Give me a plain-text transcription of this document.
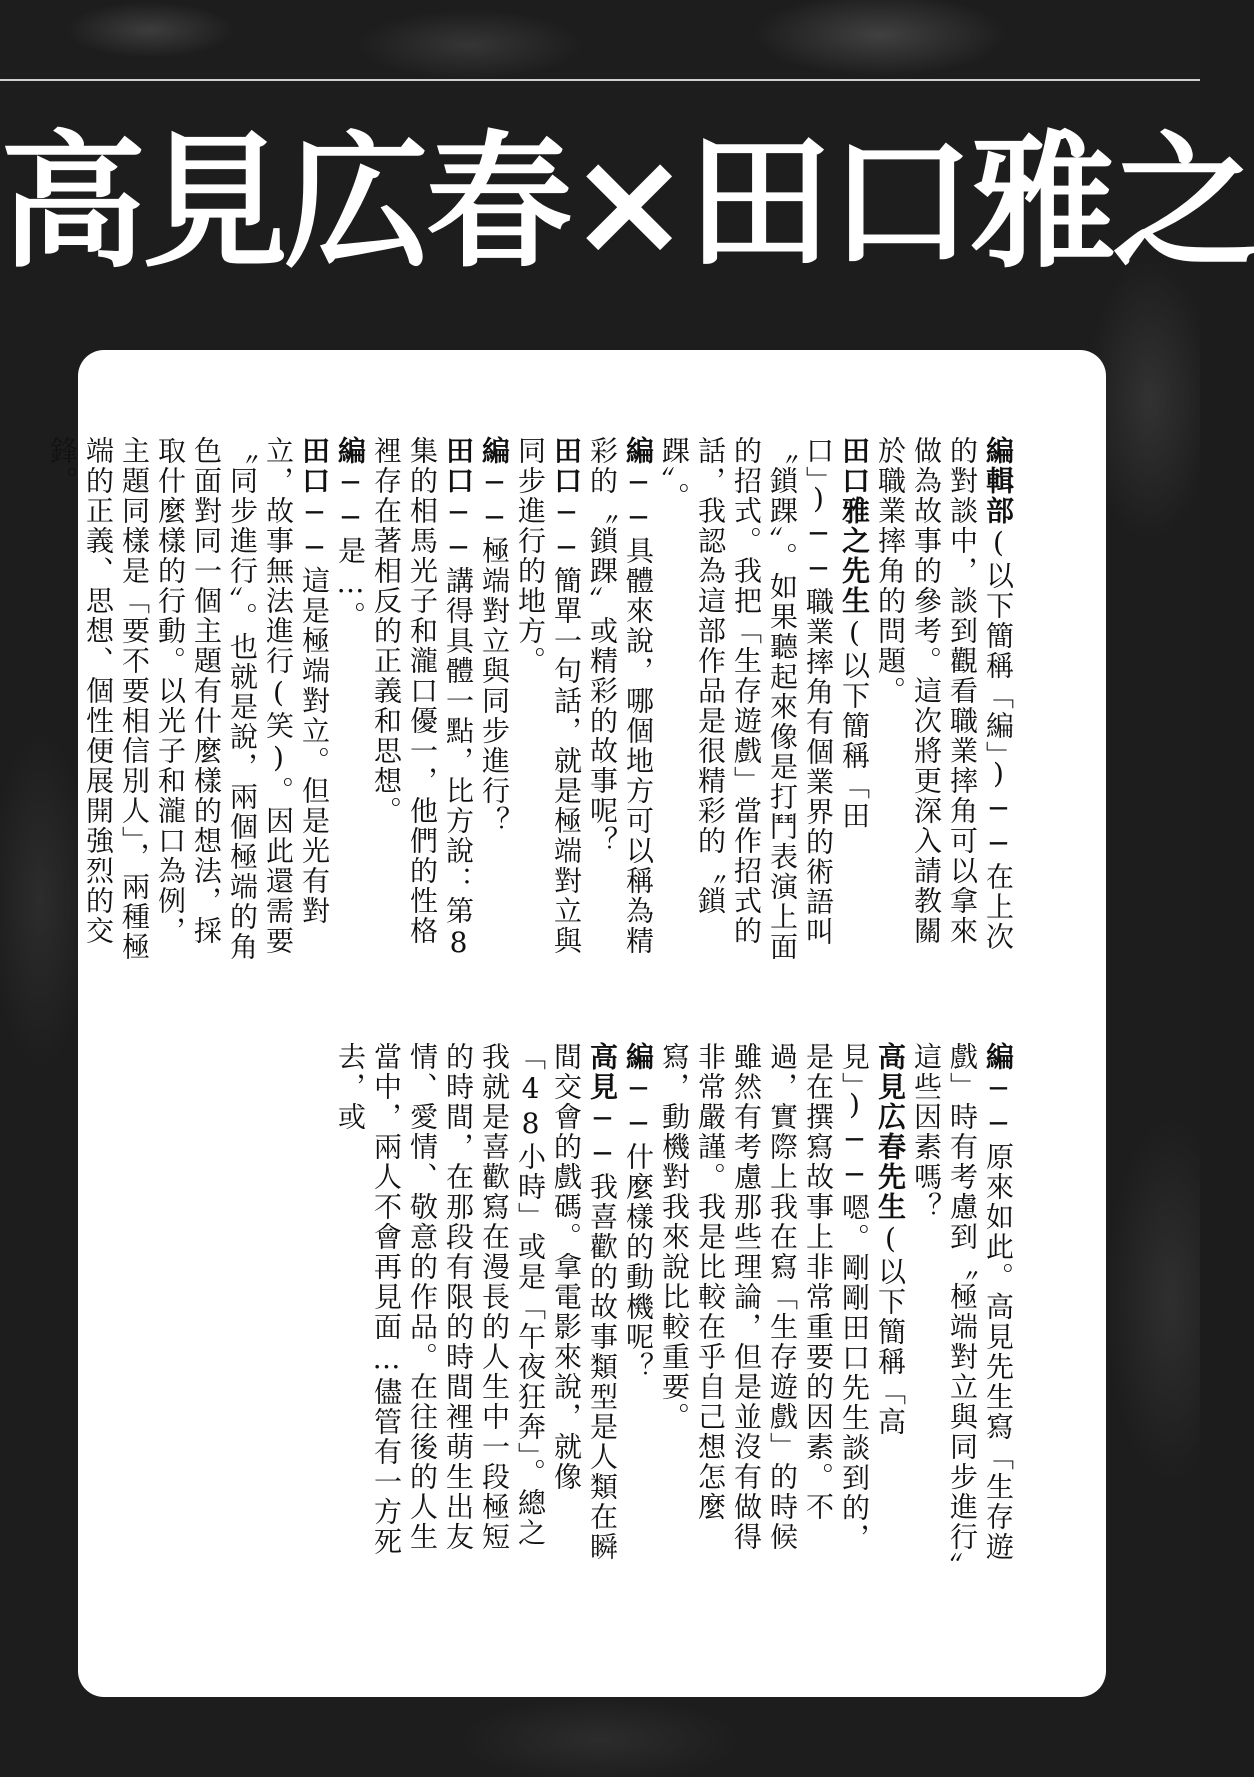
高見広春×田口雅之

編輯部(以下簡稱「編」)──在上次的對談中，談到觀看職業摔角可以拿來做為故事的參考。這次將更深入請教關於職業摔角的問題。

田口雅之先生(以下簡稱「田口」)──職業摔角有個業界的術語叫〝鎖踝〞。如果聽起來像是打鬥表演上面的招式。我把「生存遊戲」當作招式的話，我認為這部作品是很精彩的〝鎖踝〞。

編──具體來說，哪個地方可以稱為精彩的〝鎖踝〞或精彩的故事呢？

田口──簡單一句話，就是極端對立與同步進行的地方。

編──極端對立與同步進行？

田口──講得具體一點，比方說：第8集的相馬光子和瀧口優一，他們的性格裡存在著相反的正義和思想。

編──是…。

田口──這是極端對立。但是光有對立，故事無法進行(笑)。因此還需要〝同步進行〞。也就是說，兩個極端的角色面對同一個主題有什麼樣的想法，採取什麼樣的行動。以光子和瀧口為例，主題同樣是「要不要相信別人」，兩種極端的正義、思想、個性便展開強烈的交鋒。

編──原來如此。高見先生寫「生存遊戲」時有考慮到〝極端對立與同步進行〞這些因素嗎？

高見広春先生(以下簡稱「高見」)──嗯。剛剛田口先生談到的，是在撰寫故事上非常重要的因素。不過，實際上我在寫「生存遊戲」的時候雖然有考慮那些理論，但是並沒有做得非常嚴謹。我是比較在乎自己想怎麼寫，動機對我來說比較重要。

編──什麼樣的動機呢？

高見──我喜歡的故事類型是人類在瞬間交會的戲碼。拿電影來說，就像「48小時」或是「午夜狂奔」。總之我就是喜歡寫在漫長的人生中一段極短的時間，在那段有限的時間裡萌生出友情、愛情、敬意的作品。在往後的人生當中，兩人不會再見面…儘管有一方死去，或
